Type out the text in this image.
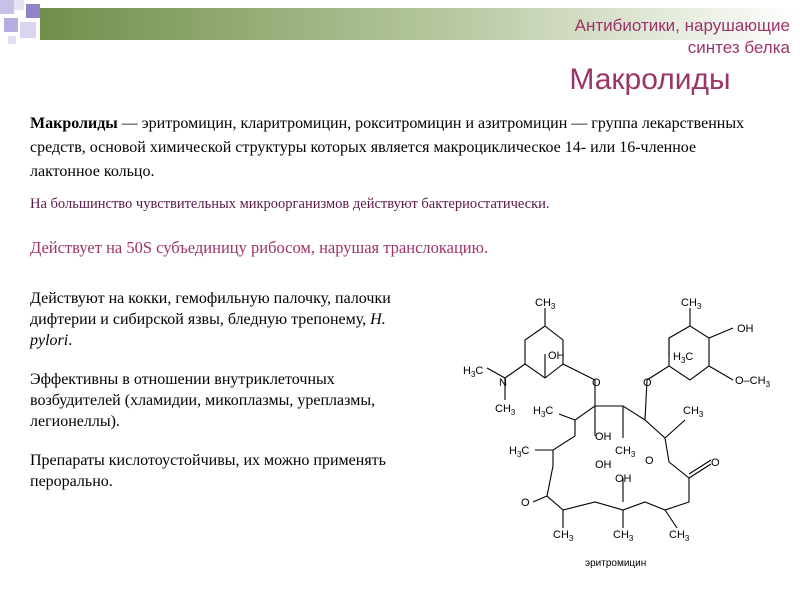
Антибиотики, нарушающие
синтез белка
Макролиды
Макролиды — эритромицин, кларитромицин, рокситромицин и азитромицин — группа лекарственных средств, основой химической структуры которых является макроциклическое 14- или 16-членное лактонное кольцо.
На большинство чувствительных микроорганизмов действуют бактериостатически.
Действует на 50S субъединицу рибосом, нарушая транслокацию.

Действуют на кокки, гемофильную палочку, палочки дифтерии и сибирской язвы, бледную трепонему, H. pylori.

Эффективны в отношении внутриклеточных возбудителей (хламидии, микоплазмы, уреплазмы, легионеллы).

Препараты кислотоустойчивы, их можно применять перорально.

$CH_3$	$CH_3$
OH
OH	$H_3C$
$H_3C$
N
$CH_3$
O	O	$O-CH_3$
$H_3C$	$CH_3$
OH
$H_3C$	$CH_3$
OH
OH
O	O
O
$CH_3$	$CH_3$	$CH_3$
эритромицин
